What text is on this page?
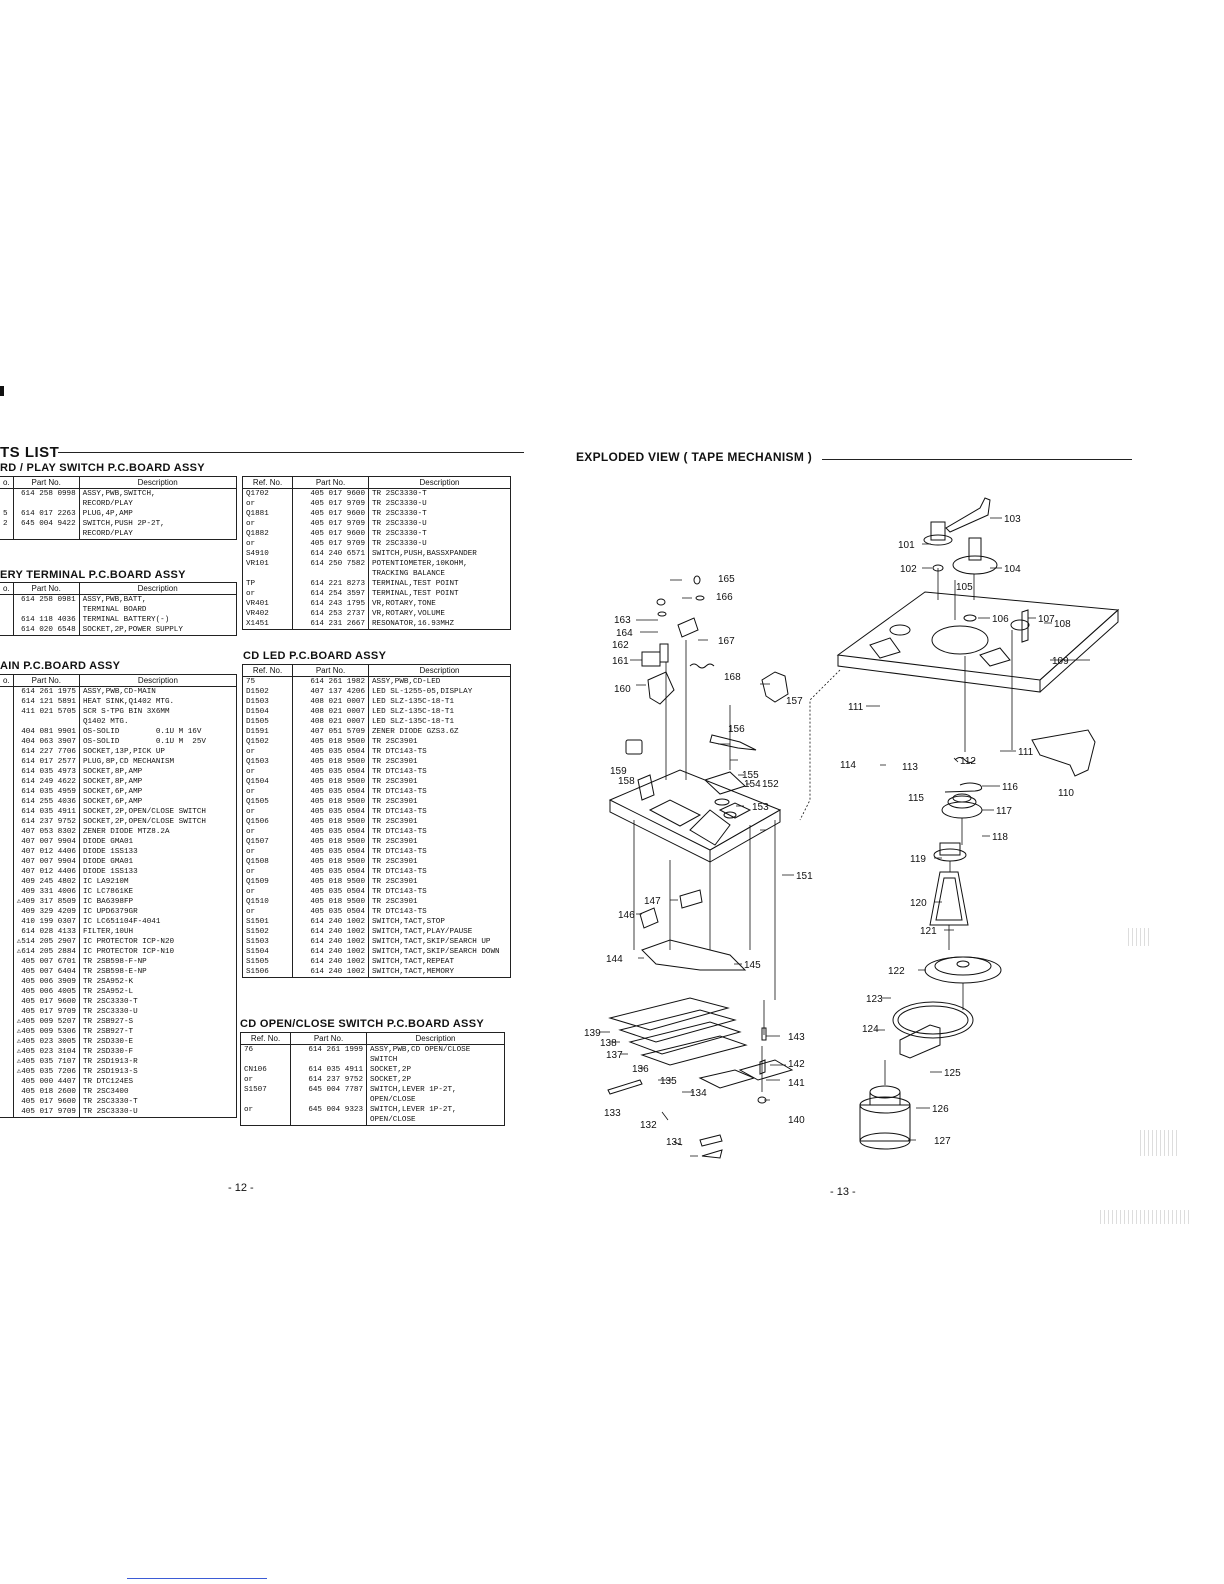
TS LIST
RD / PLAY SWITCH P.C.BOARD ASSY
o.	Part No.	Description
	614 258 0998	ASSY,PWB,SWITCH,
RECORD/PLAY
5	614 017 2263	PLUG,4P,AMP
2	645 004 9422	SWITCH,PUSH 2P-2T,
RECORD/PLAY
ERY TERMINAL P.C.BOARD ASSY
o.	Part No.	Description
	614 258 0981	ASSY,PWB,BATT,
TERMINAL BOARD
	614 118 4036	TERMINAL BATTERY(-)
	614 020 6548	SOCKET,2P,POWER SUPPLY
AIN P.C.BOARD ASSY
o.	Part No.	Description
	614 261 1975	ASSY,PWB,CD-MAIN
	614 121 5891	HEAT SINK,Q1402 MTG.
	411 021 5705	SCR S-TPG BIN 3X6MM
Q1402 MTG.
	404 081 9901	OS-SOLID        0.1U M 16V
	404 063 3907	OS-SOLID        0.1U M  25V
	614 227 7706	SOCKET,13P,PICK UP
	614 017 2577	PLUG,8P,CD MECHANISM
	614 035 4973	SOCKET,8P,AMP
	614 249 4622	SOCKET,8P,AMP
	614 035 4959	SOCKET,6P,AMP
	614 255 4036	SOCKET,6P,AMP
	614 035 4911	SOCKET,2P,OPEN/CLOSE SWITCH
	614 237 9752	SOCKET,2P,OPEN/CLOSE SWITCH
	407 053 8302	ZENER DIODE MTZ8.2A
	407 007 9904	DIODE GMA01
	407 012 4406	DIODE 1SS133
	407 007 9904	DIODE GMA01
	407 012 4406	DIODE 1SS133
	409 245 4802	IC LA9210M
	409 331 4006	IC LC7861KE
	⚠409 317 8509	IC BA6398FP
	409 329 4209	IC UPD6379GR
	410 199 0307	IC LC651104F-4041
	614 028 4133	FILTER,10UH
	⚠514 205 2907	IC PROTECTOR ICP-N20
	⚠614 205 2884	IC PROTECTOR ICP-N10
	405 007 6701	TR 2SB598-F-NP
	405 007 6404	TR 2SB598-E-NP
	405 006 3909	TR 2SA952-K
	405 006 4005	TR 2SA952-L
	405 017 9600	TR 2SC3330-T
	405 017 9709	TR 2SC3330-U
	⚠405 009 5207	TR 2SB927-S
	⚠405 009 5306	TR 2SB927-T
	⚠405 023 3005	TR 2SD330-E
	⚠405 023 3104	TR 2SD330-F
	⚠405 035 7107	TR 2SD1913-R
	⚠405 035 7206	TR 2SD1913-S
	405 000 4407	TR DTC124ES
	405 018 2600	TR 2SC3400
	405 017 9600	TR 2SC3330-T
	405 017 9709	TR 2SC3330-U
Ref. No.	Part No.	Description
Q1702	405 017 9600	TR 2SC3330-T
or	405 017 9709	TR 2SC3330-U
Q1881	405 017 9600	TR 2SC3330-T
or	405 017 9709	TR 2SC3330-U
Q1882	405 017 9600	TR 2SC3330-T
or	405 017 9709	TR 2SC3330-U
S4910	614 240 6571	SWITCH,PUSH,BASSXPANDER
VR101	614 250 7582	POTENTIOMETER,10KOHM,
TRACKING BALANCE
TP	614 221 8273	TERMINAL,TEST POINT
or	614 254 3597	TERMINAL,TEST POINT
VR401	614 243 1795	VR,ROTARY,TONE
VR402	614 253 2737	VR,ROTARY,VOLUME
X1451	614 231 2667	RESONATOR,16.93MHZ
CD LED P.C.BOARD ASSY
Ref. No.	Part No.	Description
75	614 261 1982	ASSY,PWB,CD-LED
D1502	407 137 4206	LED SL-1255-05,DISPLAY
D1503	408 021 0007	LED SLZ-135C-18-T1
D1504	408 021 0007	LED SLZ-135C-18-T1
D1505	408 021 0007	LED SLZ-135C-18-T1
D1591	407 051 5709	ZENER DIODE GZS3.6Z
Q1502	405 018 9500	TR 2SC3901
or	405 035 0504	TR DTC143-TS
Q1503	405 018 9500	TR 2SC3901
or	405 035 0504	TR DTC143-TS
Q1504	405 018 9500	TR 2SC3901
or	405 035 0504	TR DTC143-TS
Q1505	405 018 9500	TR 2SC3901
or	405 035 0504	TR DTC143-TS
Q1506	405 018 9500	TR 2SC3901
or	405 035 0504	TR DTC143-TS
Q1507	405 018 9500	TR 2SC3901
or	405 035 0504	TR DTC143-TS
Q1508	405 018 9500	TR 2SC3901
or	405 035 0504	TR DTC143-TS
Q1509	405 018 9500	TR 2SC3901
or	405 035 0504	TR DTC143-TS
Q1510	405 018 9500	TR 2SC3901
or	405 035 0504	TR DTC143-TS
S1501	614 240 1002	SWITCH,TACT,STOP
S1502	614 240 1002	SWITCH,TACT,PLAY/PAUSE
S1503	614 240 1002	SWITCH,TACT,SKIP/SEARCH UP
S1504	614 240 1002	SWITCH,TACT,SKIP/SEARCH DOWN
S1505	614 240 1002	SWITCH,TACT,REPEAT
S1506	614 240 1002	SWITCH,TACT,MEMORY

CD OPEN/CLOSE SWITCH P.C.BOARD ASSY
Ref. No.	Part No.	Description
76	614 261 1999	ASSY,PWB,CD OPEN/CLOSE
SWITCH
CN106	614 035 4911	SOCKET,2P
or	614 237 9752	SOCKET,2P
S1507	645 004 7787	SWITCH,LEVER 1P-2T,
OPEN/CLOSE
or	645 004 9323	SWITCH,LEVER 1P-2T,
OPEN/CLOSE

- 12 -
EXPLODED VIEW ( TAPE MECHANISM )
101
102
103
104
105
106	107 108
109
110
111
111
112
113
114
115
116
117
118
119
120
121
122
123
124
125
126
127
131
132
133
134
135
136
137
138
139
140
141
142
143
144
145
146
147
151
152
153
154
155
156
157
158
159
160
161
162
163
164
165
166
167
168
- 13 -
